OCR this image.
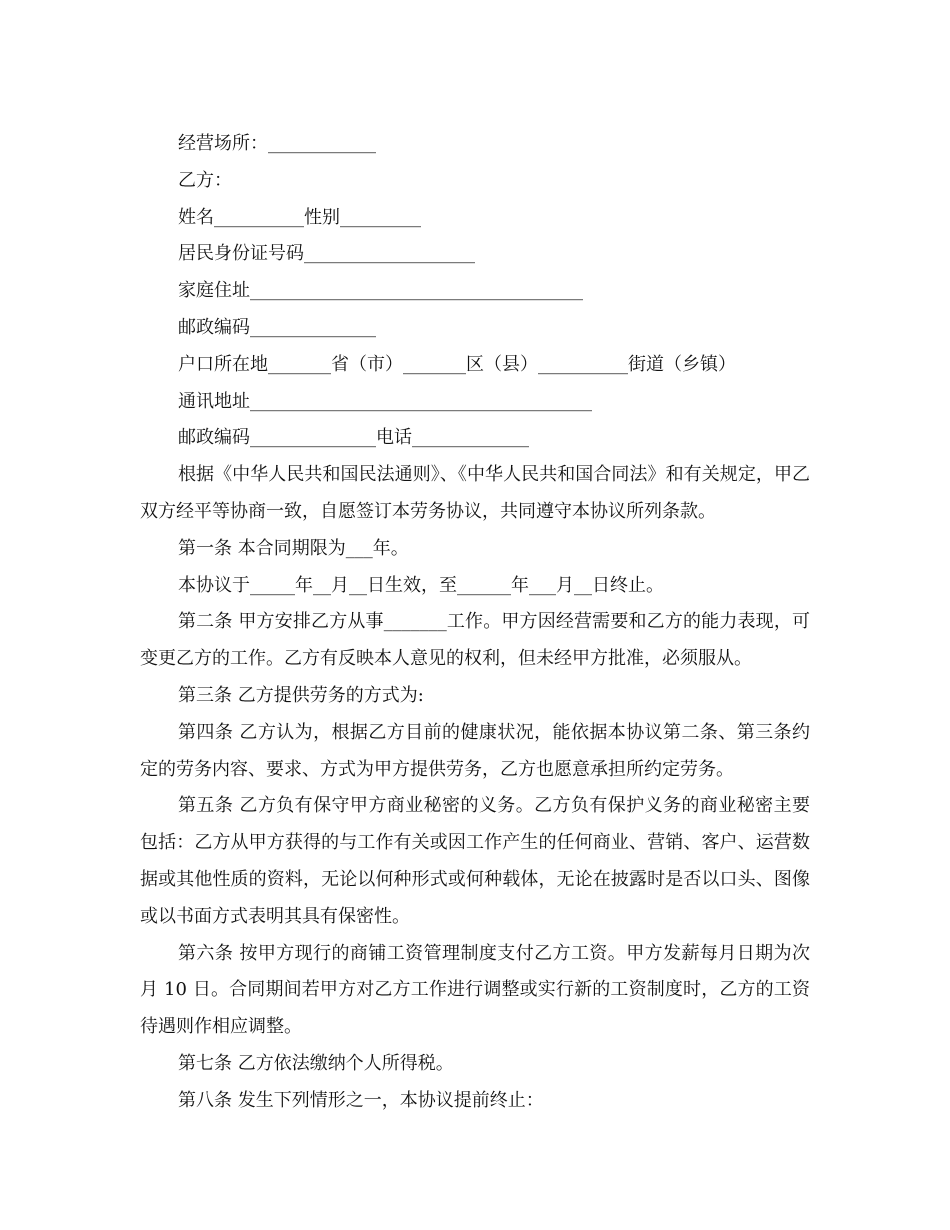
经营场所：____________
乙方：
姓名__________性别_________
居民身份证号码___________________
家庭住址_____________________________________
邮政编码______________
户口所在地_______省（市）_______区（县）__________街道（乡镇）
通讯地址______________________________________
邮政编码______________电话_____________

根据《中华人民共和国民法通则》、《中华人民共和国合同法》和有关规定，甲乙双方经平等协商一致，自愿签订本劳务协议，共同遵守本协议所列条款。

第一条 本合同期限为___年。

本协议于_____年__月__日生效，至______年___月__日终止。

第二条 甲方安排乙方从事_______工作。甲方因经营需要和乙方的能力表现，可变更乙方的工作。乙方有反映本人意见的权利，但未经甲方批准，必须服从。

第三条 乙方提供劳务的方式为:

第四条 乙方认为，根据乙方目前的健康状况，能依据本协议第二条、第三条约定的劳务内容、要求、方式为甲方提供劳务，乙方也愿意承担所约定劳务。

第五条 乙方负有保守甲方商业秘密的义务。乙方负有保护义务的商业秘密主要包括：乙方从甲方获得的与工作有关或因工作产生的任何商业、营销、客户、运营数据或其他性质的资料，无论以何种形式或何种载体，无论在披露时是否以口头、图像或以书面方式表明其具有保密性。

第六条 按甲方现行的商铺工资管理制度支付乙方工资。甲方发薪每月日期为次月 10 日。合同期间若甲方对乙方工作进行调整或实行新的工资制度时，乙方的工资待遇则作相应调整。

第七条 乙方依法缴纳个人所得税。

第八条 发生下列情形之一，本协议提前终止：
